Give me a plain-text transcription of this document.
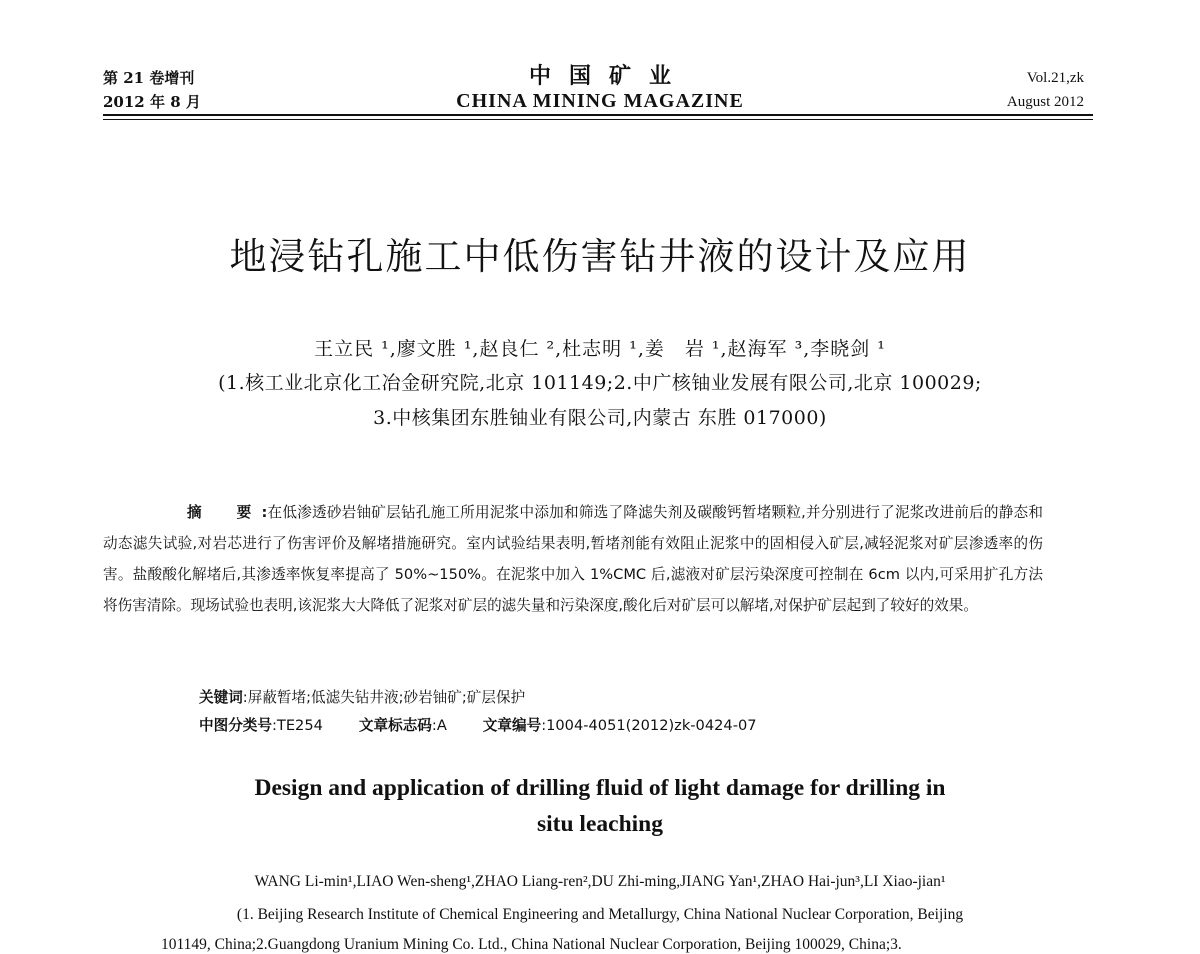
第 21 卷增刊
2012 年 8 月
中国矿业
CHINA MINING MAGAZINE
Vol.21,zk
August 2012
地浸钻孔施工中低伤害钻井液的设计及应用
王立民 ¹,廖文胜 ¹,赵良仁 ²,杜志明 ¹,姜　岩 ¹,赵海军 ³,李晓剑 ¹
(1.核工业北京化工冶金研究院,北京 101149;2.中广核铀业发展有限公司,北京 100029;
3.中核集团东胜铀业有限公司,内蒙古 东胜 017000)
摘　要:在低渗透砂岩铀矿层钻孔施工所用泥浆中添加和筛选了降滤失剂及碳酸钙暂堵颗粒,并分别进行了泥浆改进前后的静态和动态滤失试验,对岩芯进行了伤害评价及解堵措施研究。室内试验结果表明,暂堵剂能有效阻止泥浆中的固相侵入矿层,减轻泥浆对矿层渗透率的伤害。盐酸酸化解堵后,其渗透率恢复率提高了 50%~150%。在泥浆中加入 1%CMC 后,滤液对矿层污染深度可控制在 6cm 以内,可采用扩孔方法将伤害清除。现场试验也表明,该泥浆大大降低了泥浆对矿层的滤失量和污染深度,酸化后对矿层可以解堵,对保护矿层起到了较好的效果。
关键词:屏蔽暂堵;低滤失钻井液;砂岩铀矿;矿层保护
中图分类号:TE254 文章标志码:A 文章编号:1004-4051(2012)zk-0424-07
Design and application of drilling fluid of light damage for drilling in
situ leaching
WANG Li-min¹,LIAO Wen-sheng¹,ZHAO Liang-ren²,DU Zhi-ming,JIANG Yan¹,ZHAO Hai-jun³,LI Xiao-jian¹
(1. Beijing Research Institute of Chemical Engineering and Metallurgy, China National Nuclear Corporation, Beijing
101149, China;2.Guangdong Uranium Mining Co. Ltd., China National Nuclear Corporation, Beijing 100029, China;3.
